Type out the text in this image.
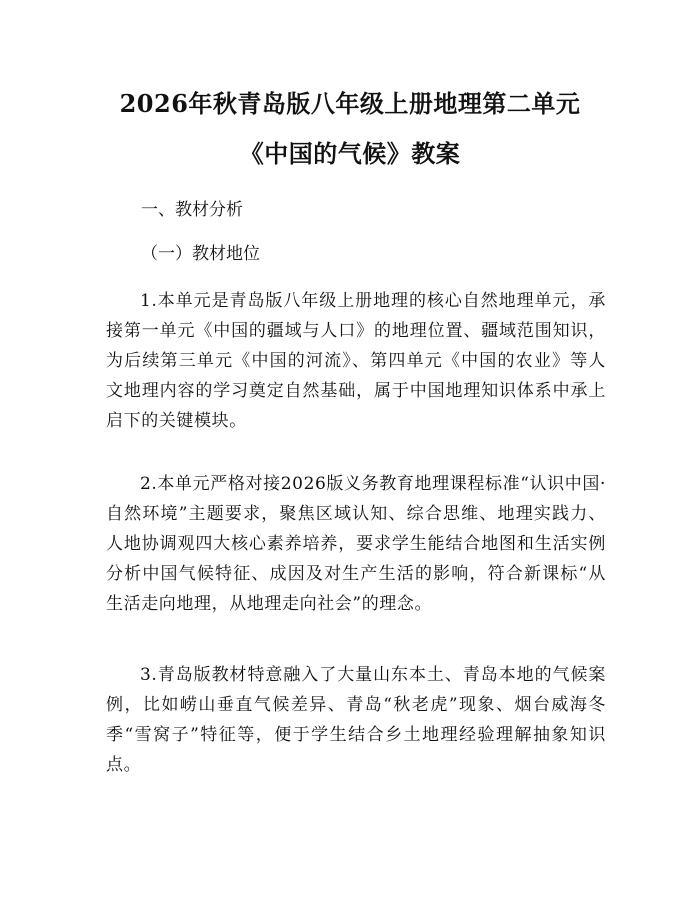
2026年秋青岛版八年级上册地理第二单元
《中国的气候》教案
一、教材分析
（一）教材地位
1.本单元是青岛版八年级上册地理的核心自然地理单元，承接第一单元《中国的疆域与人口》的地理位置、疆域范围知识，为后续第三单元《中国的河流》、第四单元《中国的农业》等人文地理内容的学习奠定自然基础，属于中国地理知识体系中承上启下的关键模块。
2.本单元严格对接2026版义务教育地理课程标准“认识中国·自然环境”主题要求，聚焦区域认知、综合思维、地理实践力、人地协调观四大核心素养培养，要求学生能结合地图和生活实例分析中国气候特征、成因及对生产生活的影响，符合新课标“从生活走向地理，从地理走向社会”的理念。
3.青岛版教材特意融入了大量山东本土、青岛本地的气候案例，比如崂山垂直气候差异、青岛“秋老虎”现象、烟台威海冬季“雪窝子”特征等，便于学生结合乡土地理经验理解抽象知识点。
